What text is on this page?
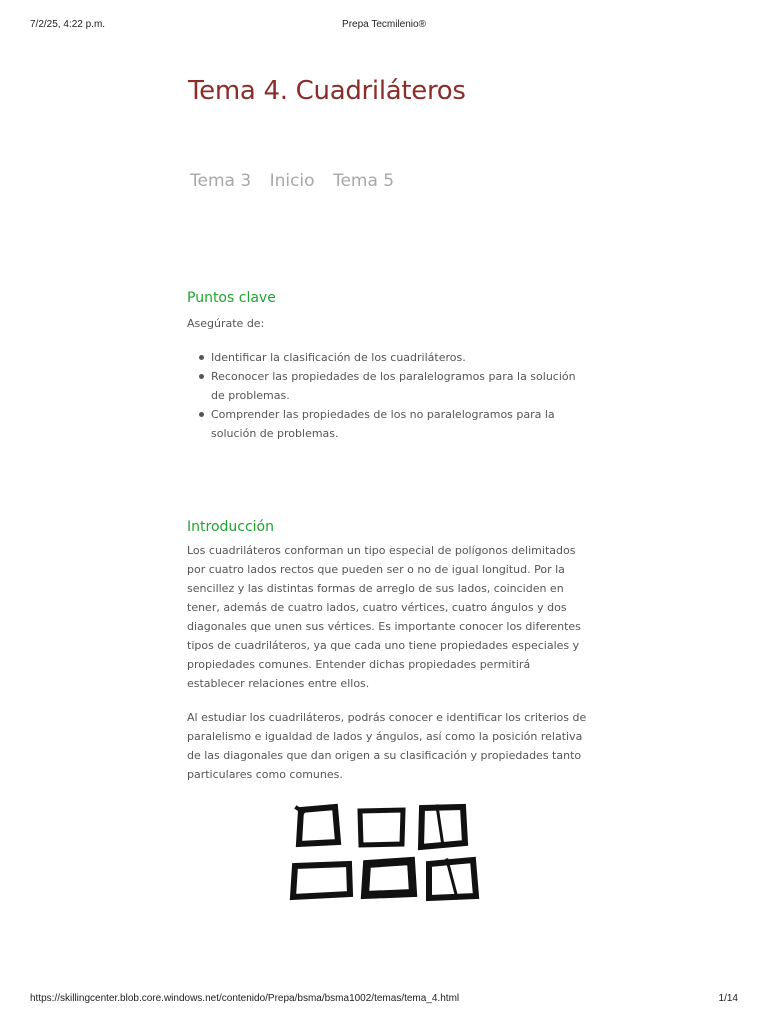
7/2/25, 4:22 p.m.	Prepa Tecmilenio®
Tema 4. Cuadriláteros
Tema 3 Inicio Tema 5
Puntos clave

Asegúrate de:

Identificar la clasificación de los cuadriláteros.
Reconocer las propiedades de los paralelogramos para la solución de problemas.
Comprender las propiedades de los no paralelogramos para la solución de problemas.
Introducción

Los cuadriláteros conforman un tipo especial de polígonos delimitados por cuatro lados rectos que pueden ser o no de igual longitud. Por la sencillez y las distintas formas de arreglo de sus lados, coinciden en tener, además de cuatro lados, cuatro vértices, cuatro ángulos y dos diagonales que unen sus vértices. Es importante conocer los diferentes tipos de cuadriláteros, ya que cada uno tiene propiedades especiales y propiedades comunes. Entender dichas propiedades permitirá establecer relaciones entre ellos.

Al estudiar los cuadriláteros, podrás conocer e identificar los criterios de paralelismo e igualdad de lados y ángulos, así como la posición relativa de las diagonales que dan origen a su clasificación y propiedades tanto particulares como comunes.

https://skillingcenter.blob.core.windows.net/contenido/Prepa/bsma/bsma1002/temas/tema_4.html	1/14
